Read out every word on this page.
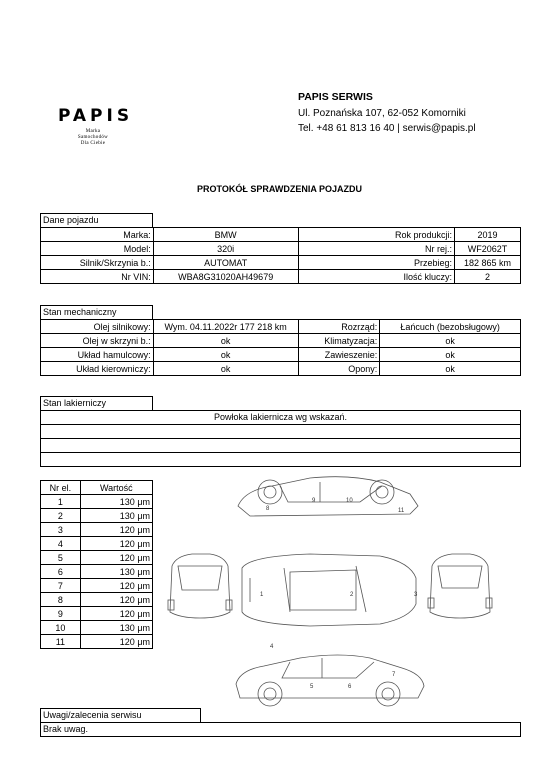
PAPIS
Marka
Samochodów
Dla Ciebie
PAPIS SERWIS
Ul. Poznańska 107, 62-052 Komorniki
Tel. +48 61 813 16 40 | serwis@papis.pl
PROTOKÓŁ SPRAWDZENIA POJAZDU
Dane pojazdu
Marka:	BMW	Rok produkcji:	2019
Model:	320i	Nr rej.:	WF2062T
Silnik/Skrzynia b.:	AUTOMAT	Przebieg:	182 865 km
Nr VIN:	WBA8G31020AH49679	Ilość kluczy:	2
Stan mechaniczny
Olej silnikowy:	Wym. 04.11.2022r 177 218 km	Rozrząd:	Łańcuch (bezobsługowy)
Olej w skrzyni b.:	ok	Klimatyzacja:	ok
Układ hamulcowy:	ok	Zawieszenie:	ok
Układ kierowniczy:	ok	Opony:	ok
Stan lakierniczy
Powłoka lakiernicza wg wskazań.
Nr el.	Wartość
1	130 μm
2	130 μm
3	120 μm
4	120 μm
5	120 μm
6	130 μm
7	120 μm
8	120 μm
9	120 μm
10	130 μm
11	120 μm
1	2	3
4
5	6
7
8
9	10
11
Uwagi/zalecenia serwisu
Brak uwag.
